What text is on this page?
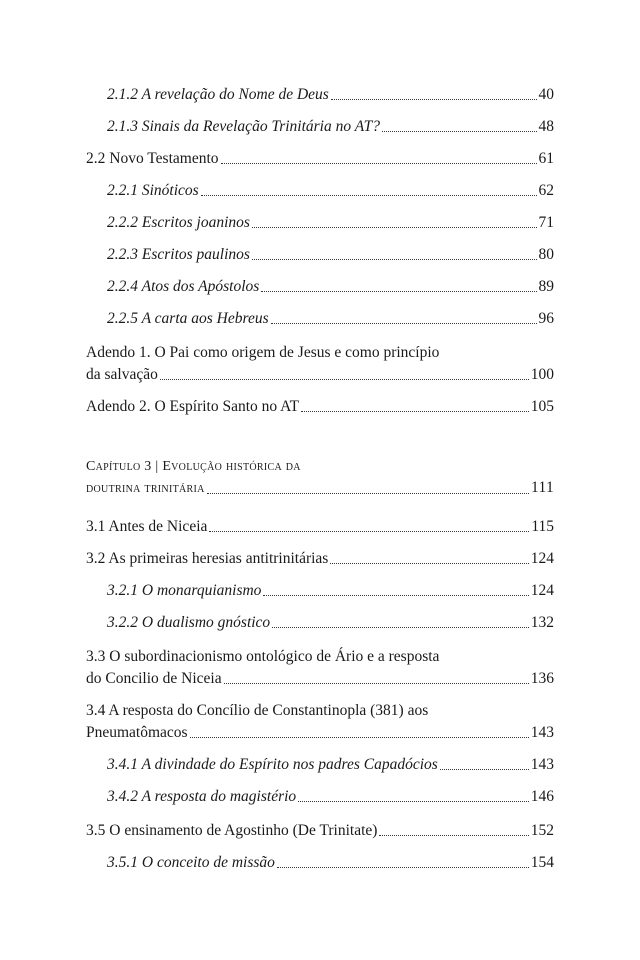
2.1.2 A revelação do Nome de Deus	40
2.1.3 Sinais da Revelação Trinitária no AT?	48
2.2 Novo Testamento	61
2.2.1 Sinóticos	62
2.2.2 Escritos joaninos	71
2.2.3 Escritos paulinos	80
2.2.4 Atos dos Apóstolos	89
2.2.5 A carta aos Hebreus	96
Adendo 1. O Pai como origem de Jesus e como princípio
da salvação	100
Adendo 2. O Espírito Santo no AT	105
Capítulo 3 | Evolução histórica da
doutrina trinitária	111
3.1 Antes de Niceia	115
3.2 As primeiras heresias antitrinitárias	124
3.2.1 O monarquianismo	124
3.2.2 O dualismo gnóstico	132
3.3 O subordinacionismo ontológico de Ário e a resposta
do Concilio de Niceia	136
3.4 A resposta do Concílio de Constantinopla (381) aos
Pneumatômacos	143
3.4.1 A divindade do Espírito nos padres Capadócios	143
3.4.2 A resposta do magistério	146
3.5 O ensinamento de Agostinho (De Trinitate)	152
3.5.1 O conceito de missão	154
